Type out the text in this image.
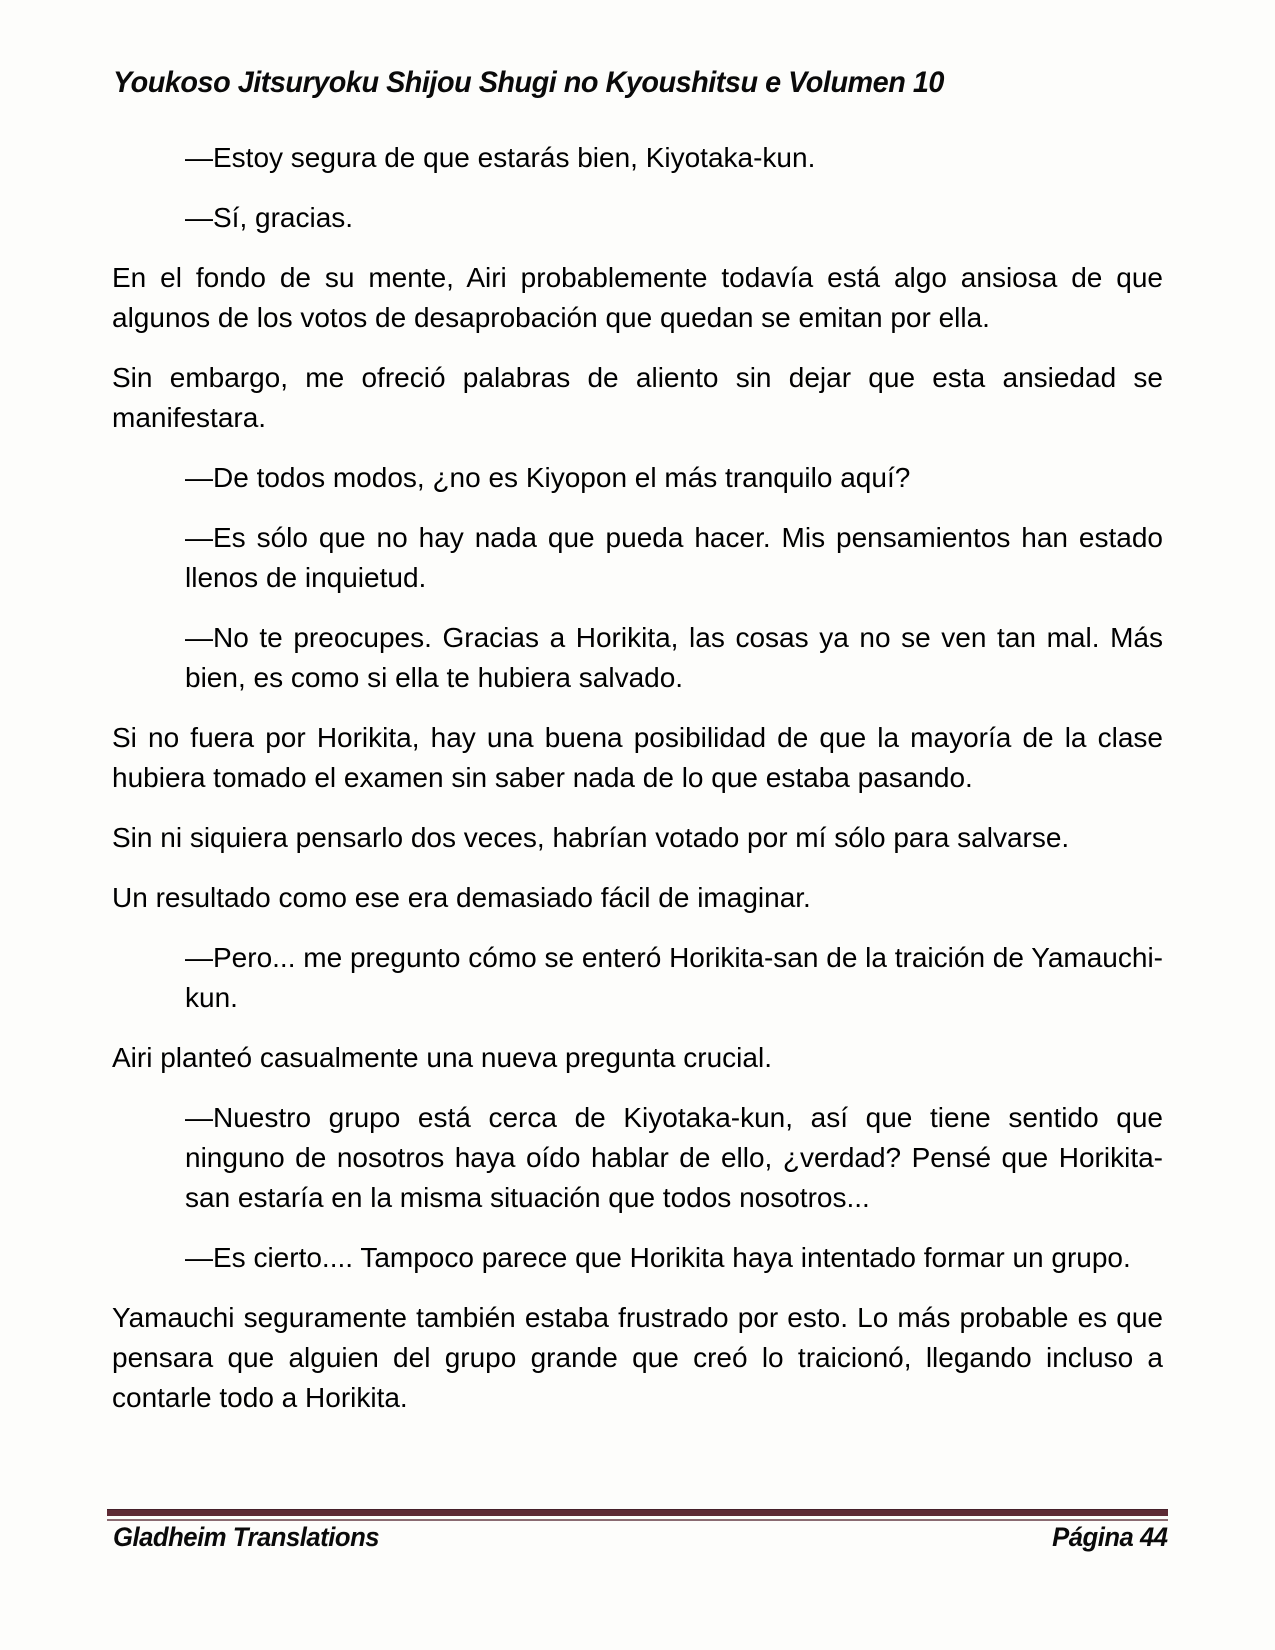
Youkoso Jitsuryoku Shijou Shugi no Kyoushitsu e Volumen 10

—Estoy segura de que estarás bien, Kiyotaka-kun.

—Sí, gracias.

En el fondo de su mente, Airi probablemente todavía está algo ansiosa de que algunos de los votos de desaprobación que quedan se emitan por ella.

Sin embargo, me ofreció palabras de aliento sin dejar que esta ansiedad se manifestara.

—De todos modos, ¿no es Kiyopon el más tranquilo aquí?

—Es sólo que no hay nada que pueda hacer. Mis pensamientos han estado llenos de inquietud.

—No te preocupes. Gracias a Horikita, las cosas ya no se ven tan mal. Más bien, es como si ella te hubiera salvado.

Si no fuera por Horikita, hay una buena posibilidad de que la mayoría de la clase hubiera tomado el examen sin saber nada de lo que estaba pasando.

Sin ni siquiera pensarlo dos veces, habrían votado por mí sólo para salvarse.

Un resultado como ese era demasiado fácil de imaginar.

—Pero... me pregunto cómo se enteró Horikita-san de la traición de Yamauchi-kun.

Airi planteó casualmente una nueva pregunta crucial.

—Nuestro grupo está cerca de Kiyotaka-kun, así que tiene sentido que ninguno de nosotros haya oído hablar de ello, ¿verdad? Pensé que Horikita-san estaría en la misma situación que todos nosotros...

—Es cierto.... Tampoco parece que Horikita haya intentado formar un grupo.

Yamauchi seguramente también estaba frustrado por esto. Lo más probable es que pensara que alguien del grupo grande que creó lo traicionó, llegando incluso a contarle todo a Horikita.

Gladheim Translations	Página 44
